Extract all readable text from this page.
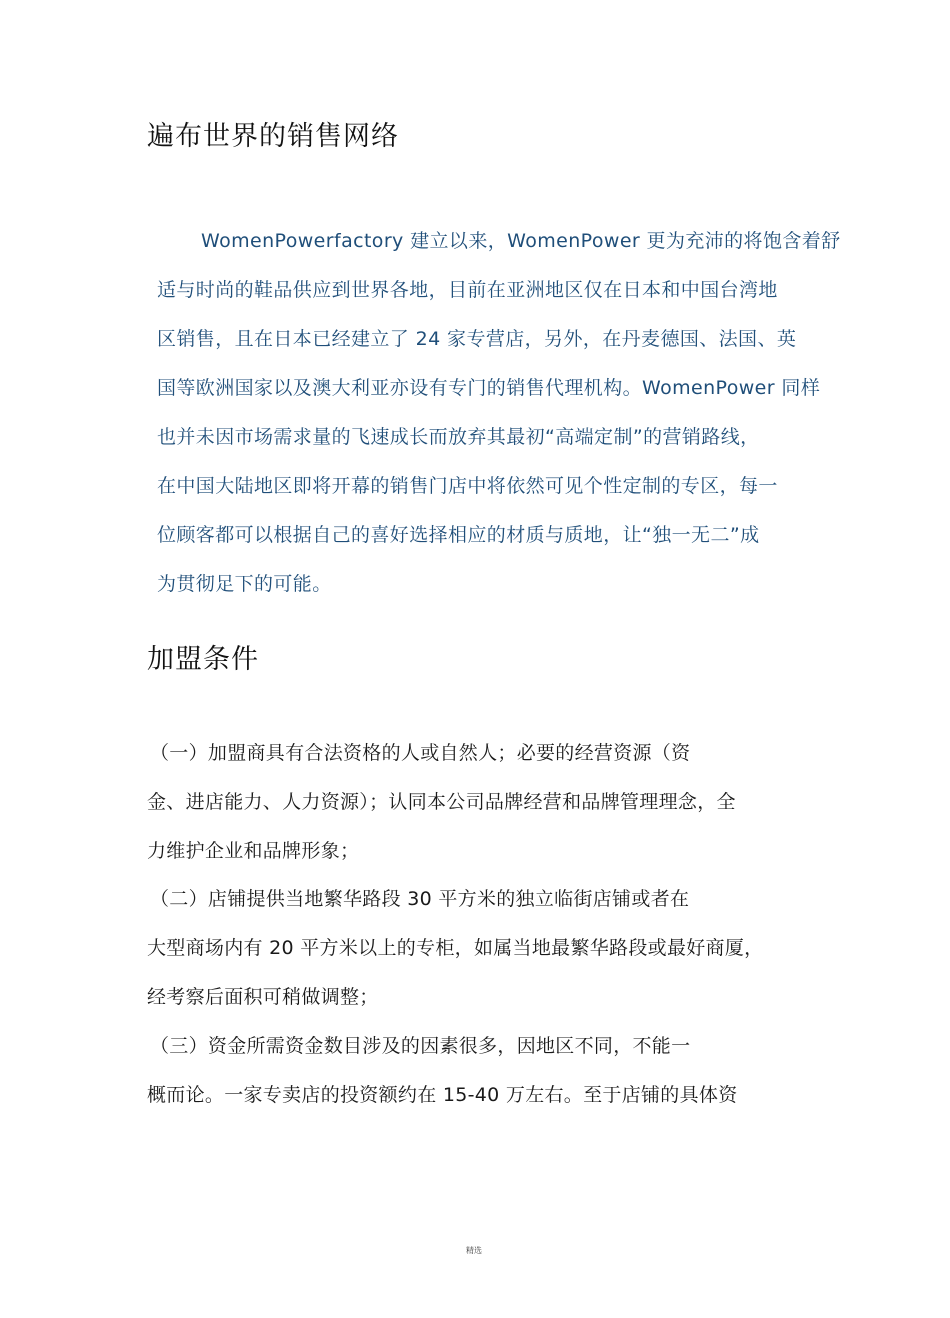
遍布世界的销售网络
WomenPowerfactory 建立以来，WomenPower 更为充沛的将饱含着舒
适与时尚的鞋品供应到世界各地，目前在亚洲地区仅在日本和中国台湾地
区销售，且在日本已经建立了 24 家专营店，另外，在丹麦德国、法国、英
国等欧洲国家以及澳大利亚亦设有专门的销售代理机构。WomenPower 同样
也并未因市场需求量的飞速成长而放弃其最初“高端定制”的营销路线，
在中国大陆地区即将开幕的销售门店中将依然可见个性定制的专区，每一
位顾客都可以根据自己的喜好选择相应的材质与质地，让“独一无二”成
为贯彻足下的可能。
加盟条件
（一）加盟商具有合法资格的人或自然人；必要的经营资源（资
金、进店能力、人力资源）；认同本公司品牌经营和品牌管理理念，全
力维护企业和品牌形象；
（二）店铺提供当地繁华路段 30 平方米的独立临街店铺或者在
大型商场内有 20 平方米以上的专柜，如属当地最繁华路段或最好商厦，
经考察后面积可稍做调整；
（三）资金所需资金数目涉及的因素很多，因地区不同，不能一
概而论。一家专卖店的投资额约在 15-40 万左右。至于店铺的具体资
精选
